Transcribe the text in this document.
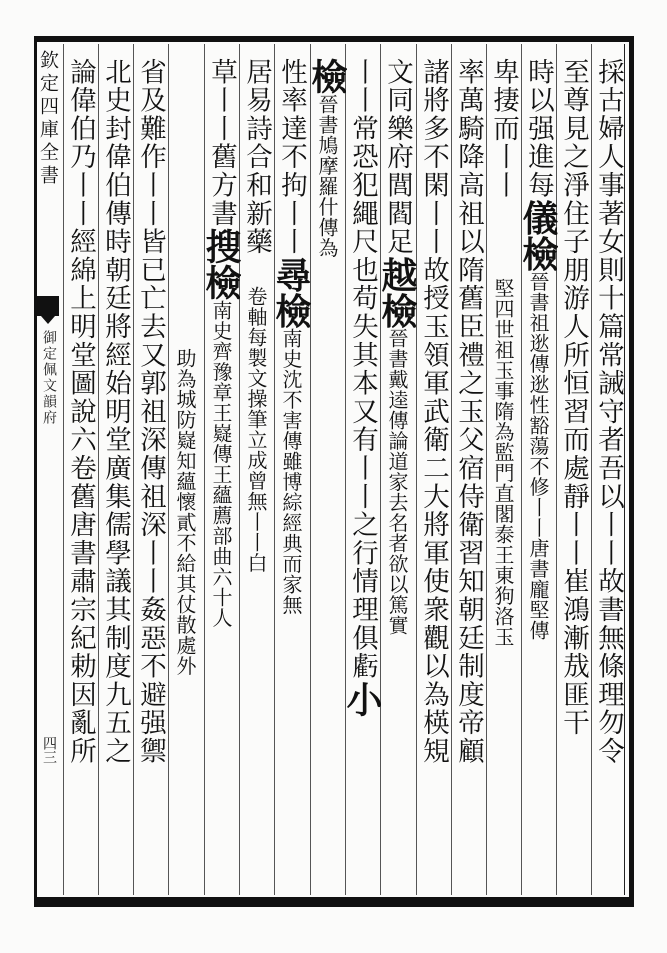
欽定四庫全書
御定佩文韻府
四三	採古婦人事著女則十篇常誡守者吾以丨丨故書無條理勿令
至尊見之淨住子朋游人所恒習而處靜丨丨崔鴻漸㦲匪干
時以强進每儀檢晉書祖逖傳逖性豁蕩不修丨丨唐書龐堅傳
卑捿而丨丨堅四世祖玉事隋為監門直閣泰王東狗洛玉
率萬騎降高祖以隋舊臣禮之玉父宿侍衛習知朝廷制度帝顧
諸將多不閑丨丨故授玉領軍武衛二大將軍使衆觀以為楧䂓
文同樂府閭閻足越檢晉書戴逵傳論道家去名者欲以篤實
丨丨常恐犯繩尺也苟失其本又有丨丨之行情理俱虧小
檢晉書鳩摩羅什傳為
性率達不拘丨丨尋檢南史沈不害傳雖博綜經典而家無
居易詩合和新藥卷軸每製文操筆立成曾無丨丨白
草丨丨舊方書搜檢南史齊豫章王嶷傳王蘊薦部曲六十人
助為城防嶷知蘊懷貳不給其仗散處外
省及難作丨丨皆已亡去又郭祖深傳祖深丨丨姦惡不避强禦
北史封偉伯傳時朝廷將經始明堂廣集儒學議其制度九五之
論偉伯乃丨丨經綿上明堂圖說六卷舊唐書肅宗紀勅因亂所
